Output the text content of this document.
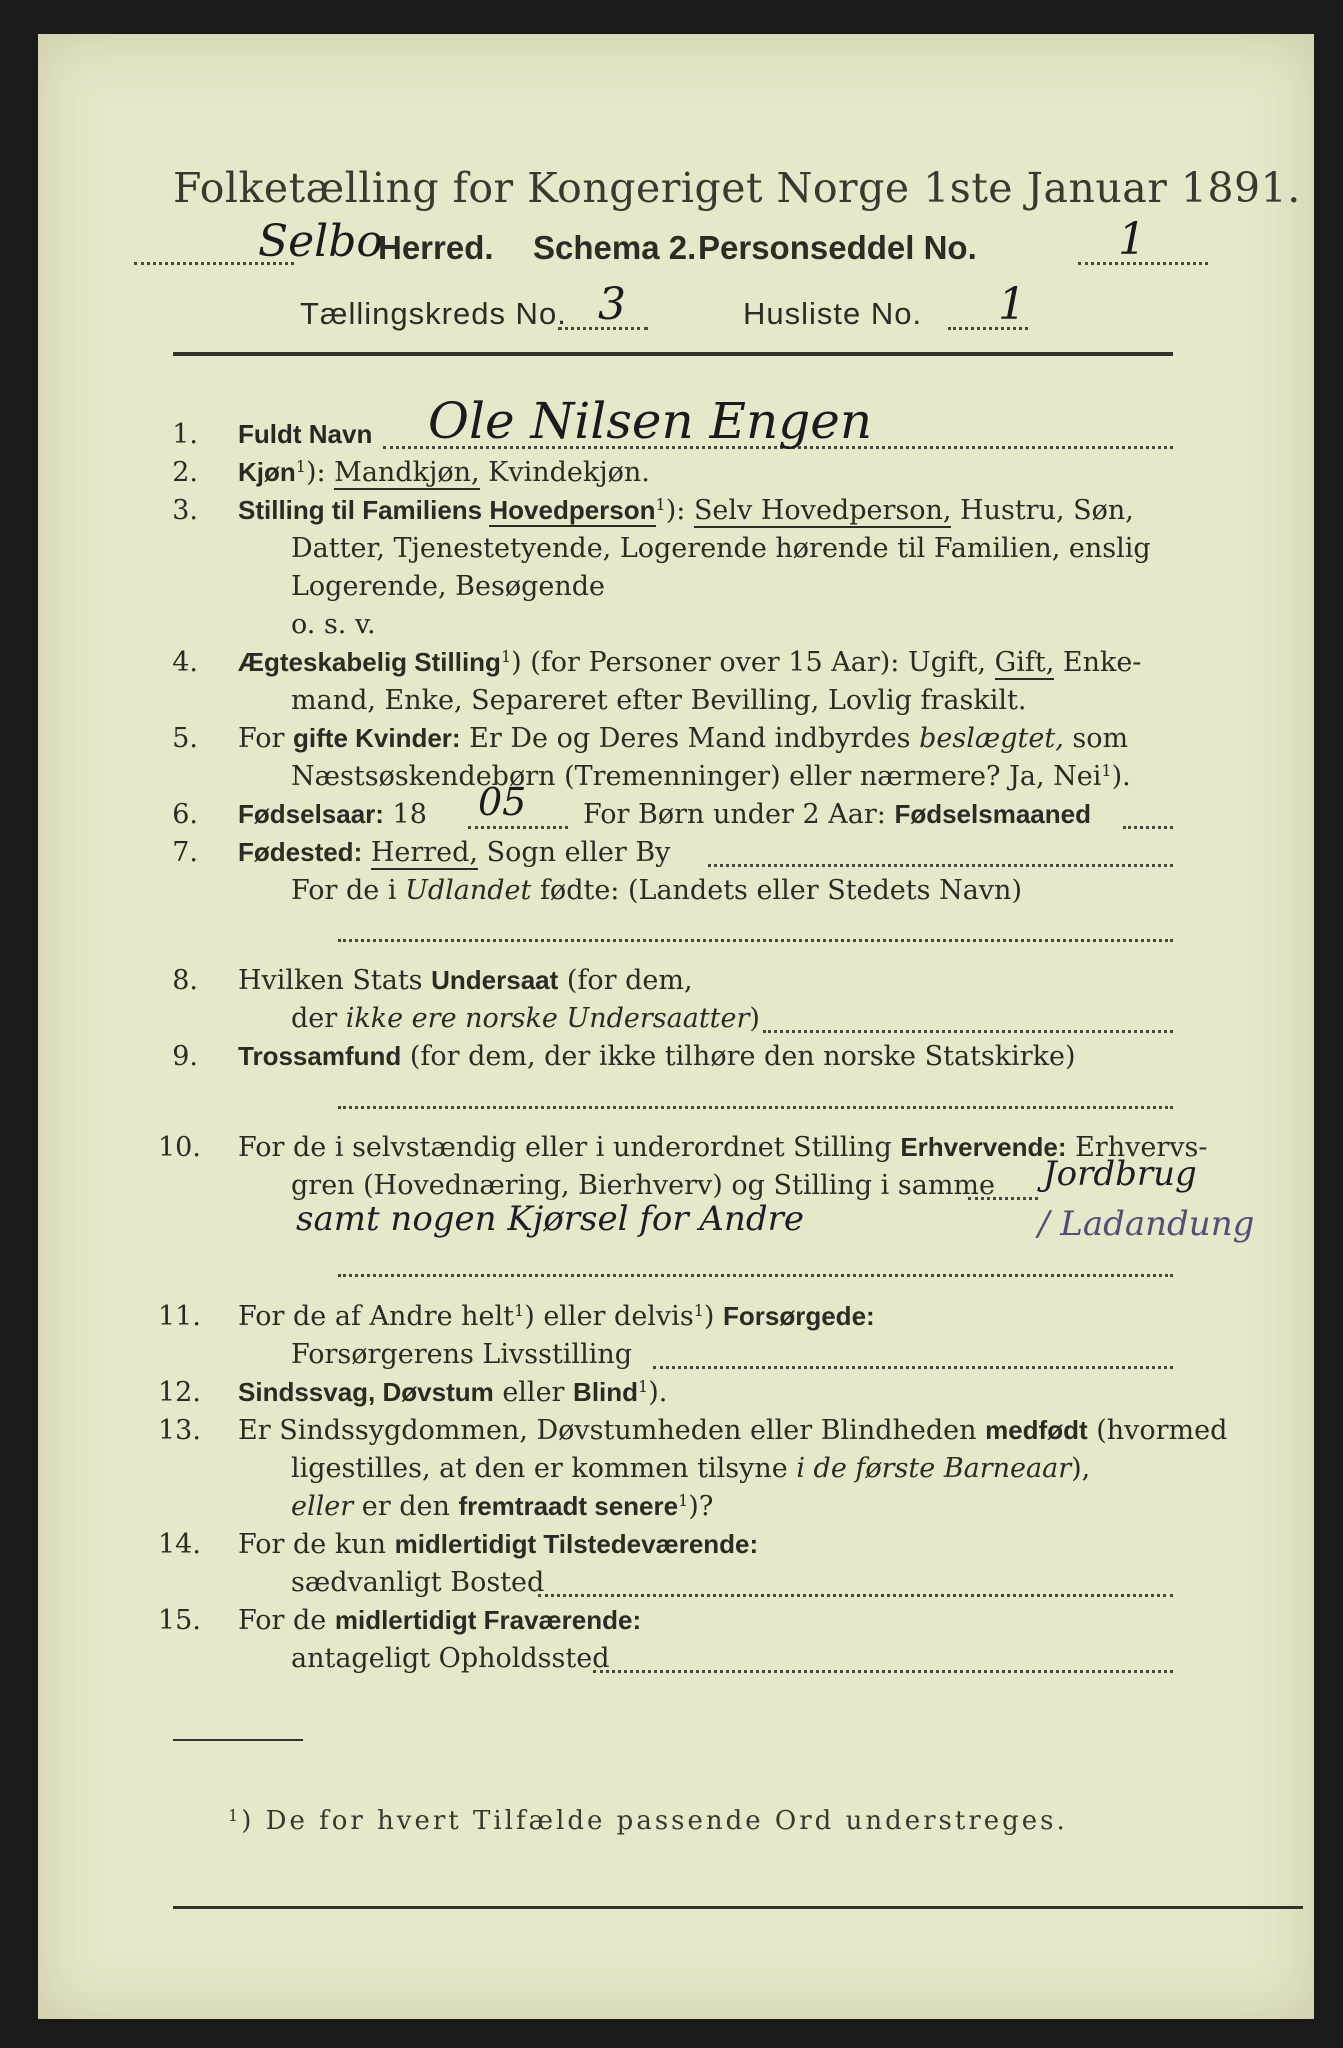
Folketælling for Kongeriget Norge 1ste Januar 1891.
Selbo
Herred. Schema 2. Personseddel No.	1
Tællingskreds No. 3	Husliste No. 1
1. Fuldt Navn Ole Nilsen Engen
2. Kjøn$^1$): Mandkjøn, Kvindekjøn.
3. Stilling til Familiens Hovedperson$^1$): Selv Hovedperson, Hustru, Søn,
Datter, Tjenestetyende, Logerende hørende til Familien, enslig
Logerende, Besøgende
o. s. v.
4. Ægteskabelig Stilling$^1$) (for Personer over 15 Aar): Ugift, Gift, Enke-
mand, Enke, Separeret efter Bevilling, Lovlig fraskilt.
5. For gifte Kvinder: Er De og Deres Mand indbyrdes beslægtet, som
Næstsøskendebørn (Tremenninger) eller nærmere? Ja, Nei$^1$).
6. Fødselsaar: 18 05 For Børn under 2 Aar: Fødselsmaaned
7. Fødested: Herred, Sogn eller By
For de i Udlandet fødte: (Landets eller Stedets Navn)
8. Hvilken Stats Undersaat (for dem,
der ikke ere norske Undersaatter)
9. Trossamfund (for dem, der ikke tilhøre den norske Statskirke)
10. For de i selvstændig eller i underordnet Stilling Erhvervende: Erhvervs-
gren (Hovednæring, Bierhverv) og Stilling i samme Jordbrug
samt nogen Kjørsel for Andre	/ Ladandung
11. For de af Andre helt$^1$) eller delvis$^1$) Forsørgede:
Forsørgerens Livsstilling
12. Sindssvag, Døvstum eller Blind$^1$).
13. Er Sindssygdommen, Døvstumheden eller Blindheden medfødt (hvormed
ligestilles, at den er kommen tilsyne i de første Barneaar),
eller er den fremtraadt senere$^1$)?
14. For de kun midlertidigt Tilstedeværende:
sædvanligt Bosted
15. For de midlertidigt Fraværende:
antageligt Opholdssted
$^1$) De for hvert Tilfælde passende Ord understreges.
